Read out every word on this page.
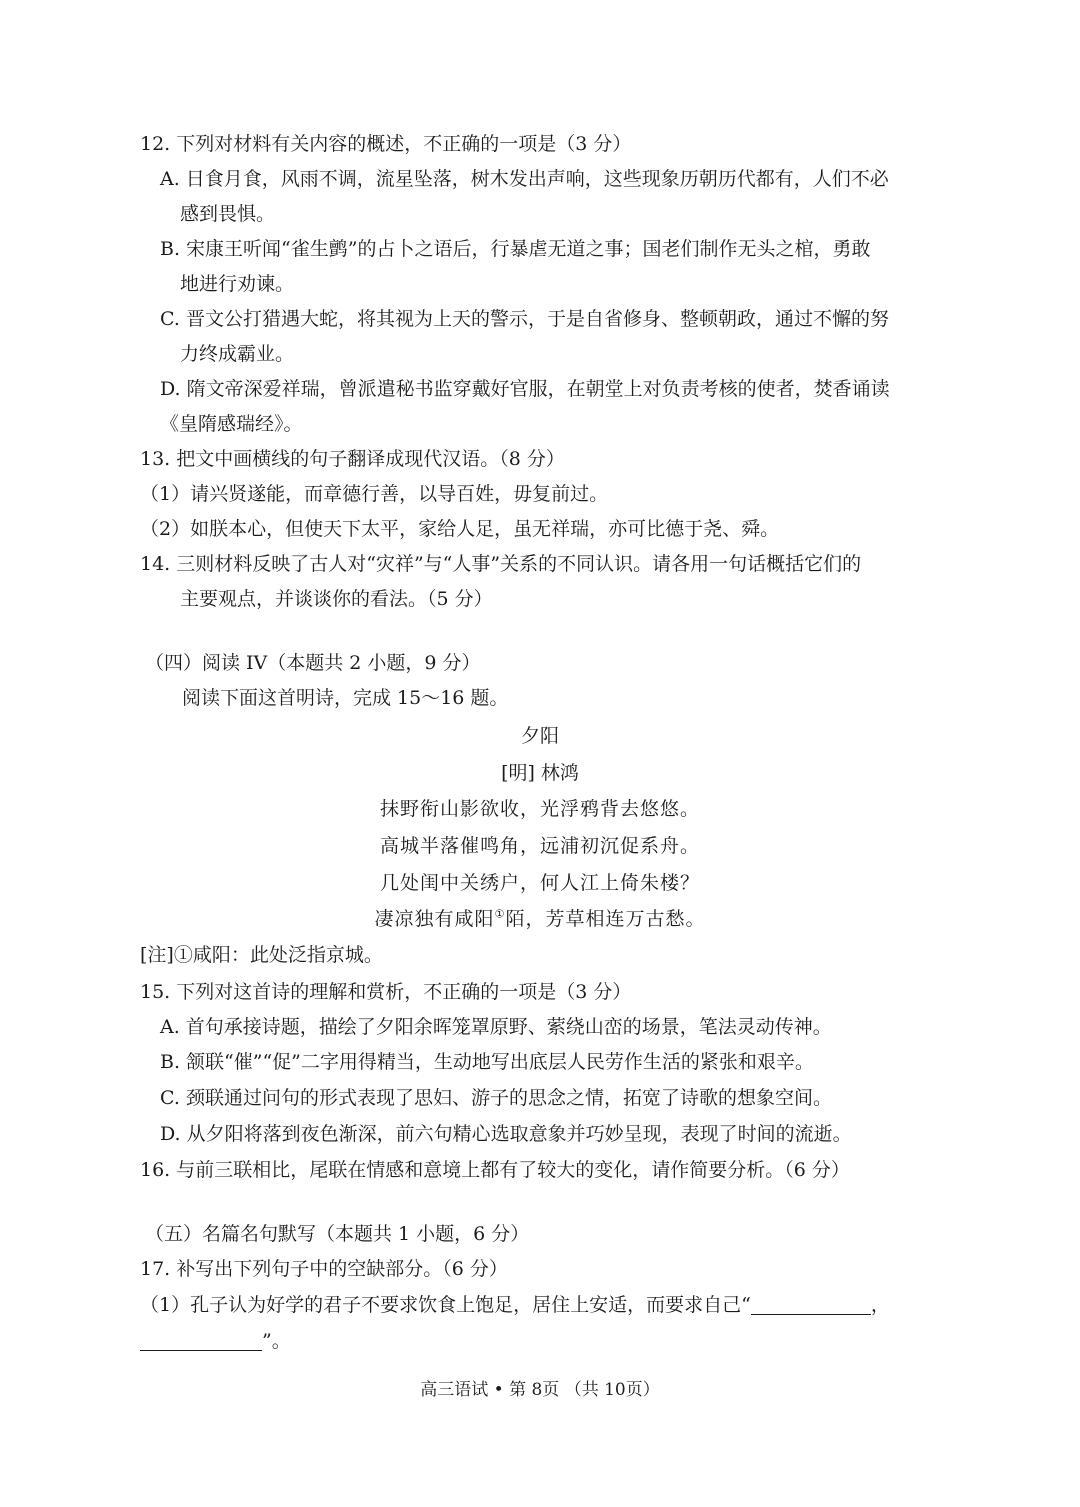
12. 下列对材料有关内容的概述，不正确的一项是（3 分）
A. 日食月食，风雨不调，流星坠落，树木发出声响，这些现象历朝历代都有，人们不必
感到畏惧。
B. 宋康王听闻“雀生鹯”的占卜之语后，行暴虐无道之事；国老们制作无头之棺，勇敢
地进行劝谏。
C. 晋文公打猎遇大蛇，将其视为上天的警示，于是自省修身、整顿朝政，通过不懈的努
力终成霸业。
D. 隋文帝深爱祥瑞，曾派遣秘书监穿戴好官服，在朝堂上对负责考核的使者，焚香诵读
《皇隋感瑞经》。
13. 把文中画横线的句子翻译成现代汉语。（8 分）
（1）请兴贤遂能，而章德行善，以导百姓，毋复前过。
（2）如朕本心，但使天下太平，家给人足，虽无祥瑞，亦可比德于尧、舜。
14. 三则材料反映了古人对“灾祥”与“人事”关系的不同认识。请各用一句话概括它们的
主要观点，并谈谈你的看法。（5 分）
（四）阅读 IV（本题共 2 小题，9 分）
阅读下面这首明诗，完成 15～16 题。
夕阳
[明] 林鸿
抹野衔山影欲收，光浮鸦背去悠悠。
高城半落催鸣角，远浦初沉促系舟。
几处闺中关绣户，何人江上倚朱楼？
凄凉独有咸阳①陌，芳草相连万古愁。
[注]①咸阳：此处泛指京城。
15. 下列对这首诗的理解和赏析，不正确的一项是（3 分）
A. 首句承接诗题，描绘了夕阳余晖笼罩原野、萦绕山峦的场景，笔法灵动传神。
B. 颔联“催”“促”二字用得精当，生动地写出底层人民劳作生活的紧张和艰辛。
C. 颈联通过问句的形式表现了思妇、游子的思念之情，拓宽了诗歌的想象空间。
D. 从夕阳将落到夜色渐深，前六句精心选取意象并巧妙呈现，表现了时间的流逝。
16. 与前三联相比，尾联在情感和意境上都有了较大的变化，请作简要分析。（6 分）
（五）名篇名句默写（本题共 1 小题，6 分）
17. 补写出下列句子中的空缺部分。（6 分）
（1）孔子认为好学的君子不要求饮食上饱足，居住上安适，而要求自己“	，
”。
高三语试 • 第 8页 （共 10页）
